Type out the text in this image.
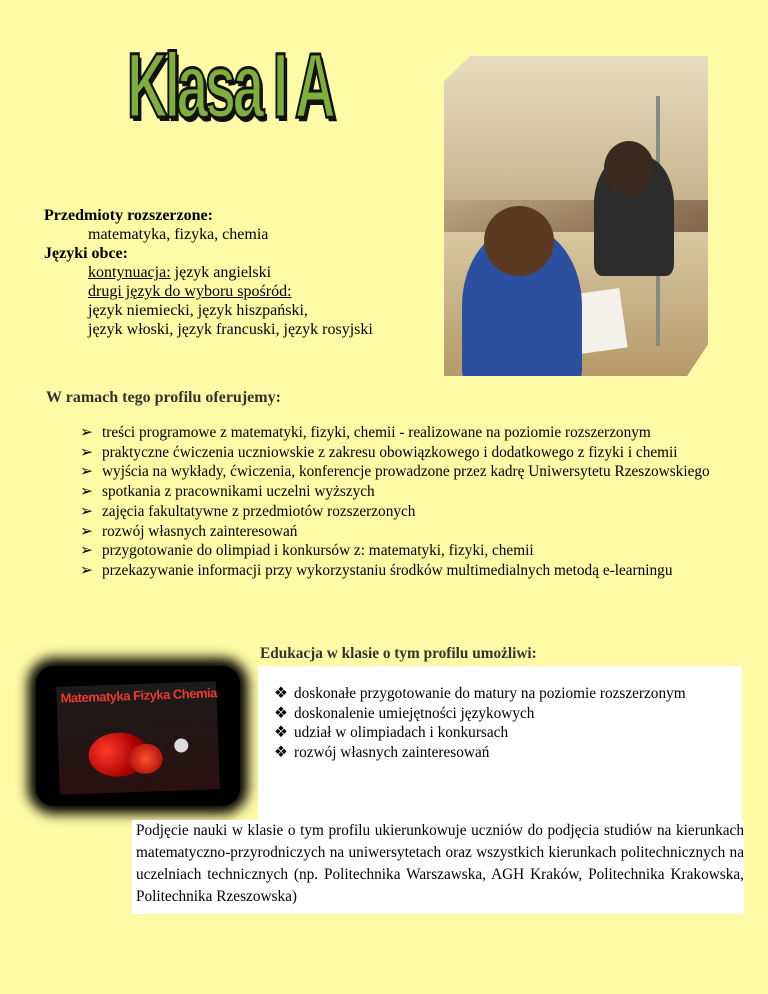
Klasa I A
Przedmioty rozszerzone:
matematyka, fizyka, chemia
Języki obce:
kontynuacja: język angielski
drugi język do wyboru spośród:
język niemiecki, język hiszpański,
język włoski, język francuski, język rosyjski
W ramach tego profilu oferujemy:
➢ treści programowe z matematyki, fizyki, chemii - realizowane na poziomie rozszerzonym
➢ praktyczne ćwiczenia uczniowskie z zakresu obowiązkowego i dodatkowego z fizyki i chemii
➢ wyjścia na wykłady, ćwiczenia, konferencje prowadzone przez kadrę Uniwersytetu Rzeszowskiego
➢ spotkania z pracownikami uczelni wyższych
➢ zajęcia fakultatywne z przedmiotów rozszerzonych
➢ rozwój własnych zainteresowań
➢ przygotowanie do olimpiad i konkursów z: matematyki, fizyki, chemii
➢ przekazywanie informacji przy wykorzystaniu środków multimedialnych metodą e-learningu
Edukacja w klasie o tym profilu umożliwi:
Matematyka Fizyka Chemia	❖ doskonałe przygotowanie do matury na poziomie rozszerzonym
❖ doskonalenie umiejętności językowych
❖ udział w olimpiadach i konkursach
❖ rozwój własnych zainteresowań
Podjęcie nauki w klasie o tym profilu ukierunkowuje uczniów do podjęcia studiów na kierunkach matematyczno-przyrodniczych na uniwersytetach oraz wszystkich kierunkach politechnicznych na uczelniach technicznych (np. Politechnika Warszawska, AGH Kraków, Politechnika Krakowska, Politechnika Rzeszowska)
